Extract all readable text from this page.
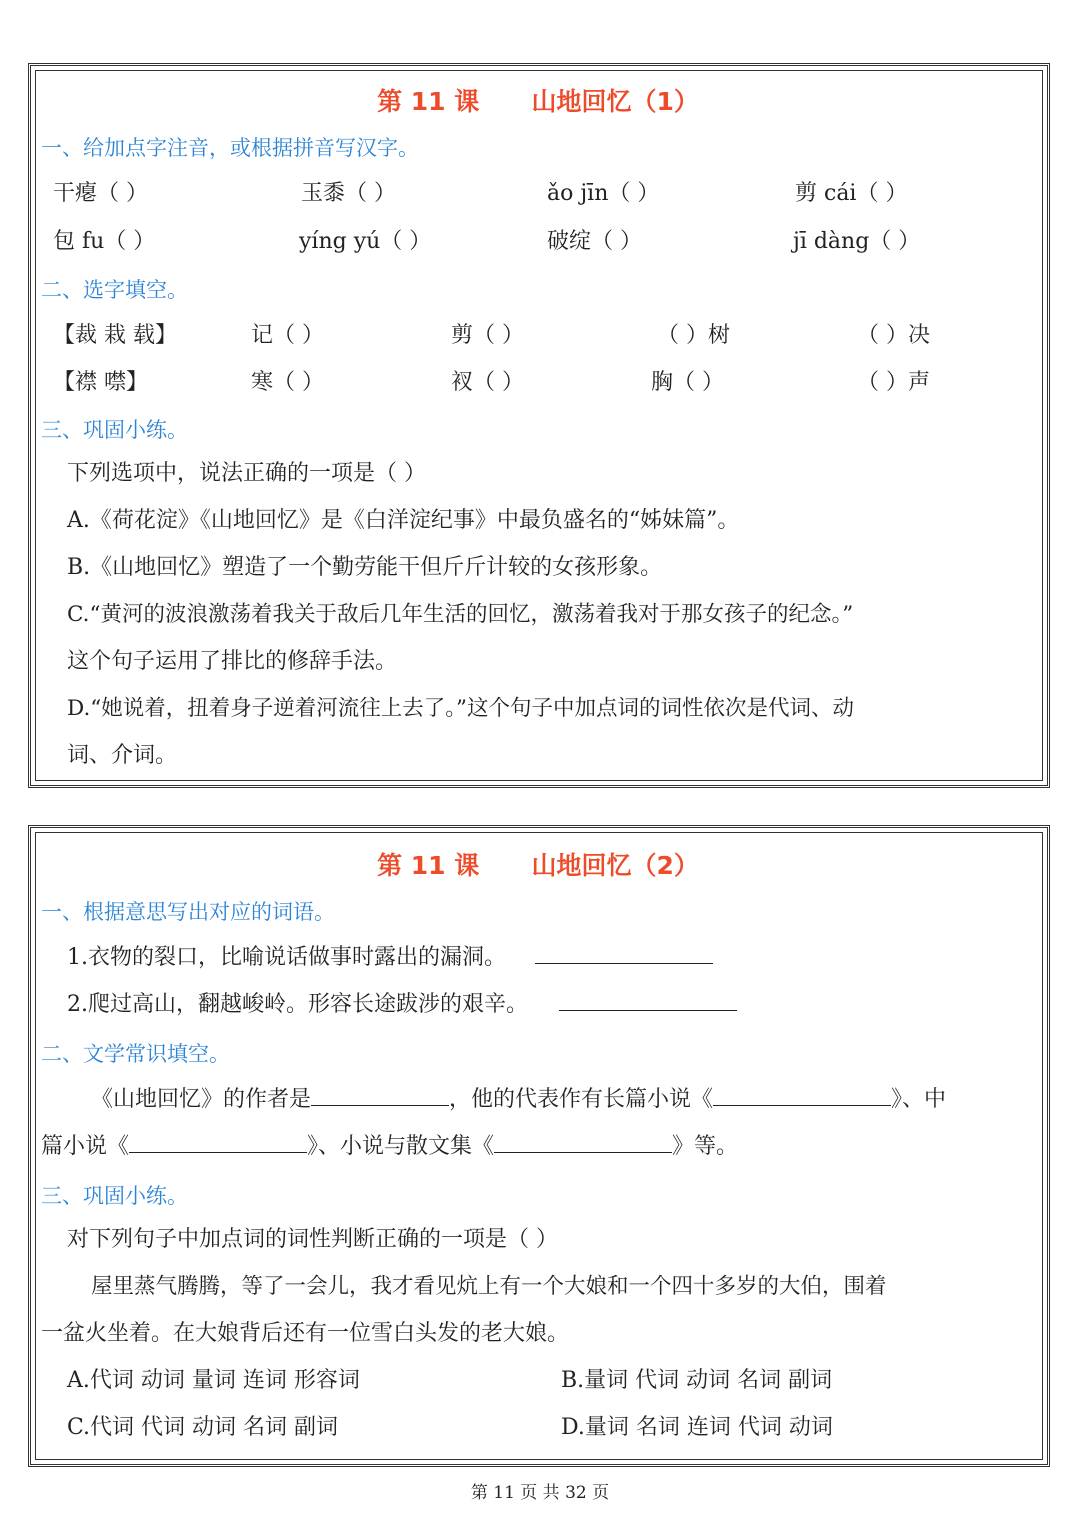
第 11 课      山地回忆（1）
一、给加点字注音，或根据拼音写汉字。
干瘪（ ）	玉黍（ ）	ǎo jīn（ ）	剪 cái（ ）
包 fu（ ）	yíng yú（ ）	破绽（ ）	jī dàng（ ）
二、选字填空。
【裁 栽 载】	记（ ）	剪（ ）	（ ）树	（ ）决
【襟 噤】	寒（ ）	衩（ ）	胸（ ）	（ ）声
三、巩固小练。
下列选项中，说法正确的一项是（ ）
A.《荷花淀》《山地回忆》是《白洋淀纪事》中最负盛名的“姊妹篇”。
B.《山地回忆》塑造了一个勤劳能干但斤斤计较的女孩形象。
C.“黄河的波浪激荡着我关于敌后几年生活的回忆，激荡着我对于那女孩子的纪念。”
这个句子运用了排比的修辞手法。
D.“她说着，扭着身子逆着河流往上去了。”这个句子中加点词的词性依次是代词、动
词、介词。
第 11 课      山地回忆（2）
一、根据意思写出对应的词语。
1.衣物的裂口，比喻说话做事时露出的漏洞。
2.爬过高山，翻越峻岭。形容长途跋涉的艰辛。
二、文学常识填空。
《山地回忆》的作者是	，他的代表作有长篇小说《	》、中
篇小说《	》、小说与散文集《	》等。
三、巩固小练。
对下列句子中加点词的词性判断正确的一项是（ ）
屋里蒸气腾腾，等了一会儿，我才看见炕上有一个大娘和一个四十多岁的大伯，围着
一盆火坐着。在大娘背后还有一位雪白头发的老大娘。
A.代词 动词 量词 连词 形容词	B.量词 代词 动词 名词 副词
C.代词 代词 动词 名词 副词	D.量词 名词 连词 代词 动词
第 11 页 共 32 页
